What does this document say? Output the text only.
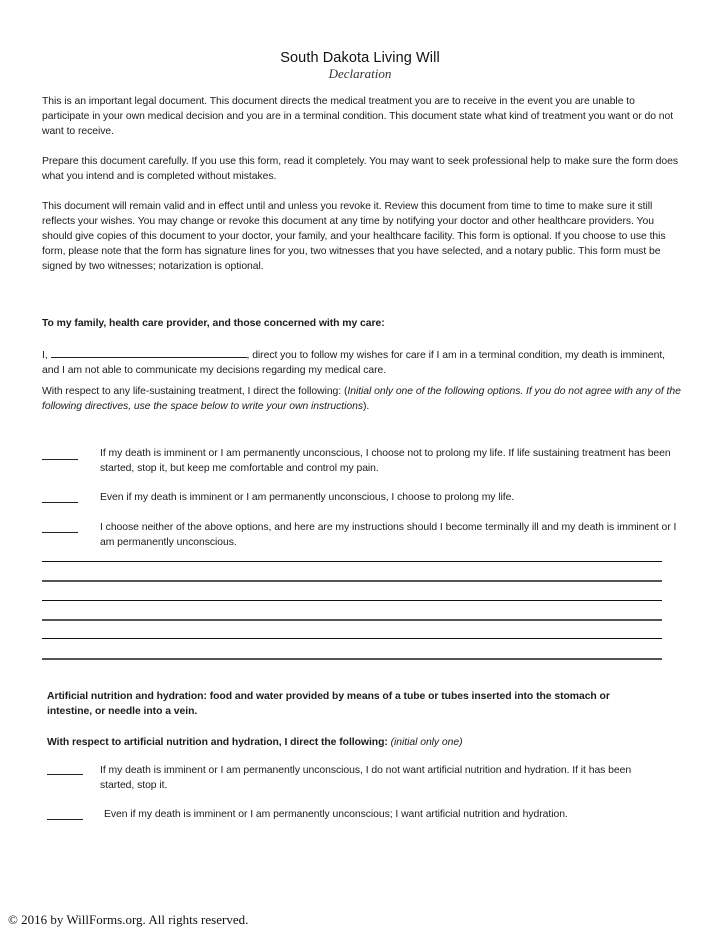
South Dakota Living Will
Declaration
This is an important legal document. This document directs the medical treatment you are to receive in the event you are unable to participate in your own medical decision and you are in a terminal condition. This document state what kind of treatment you want or do not want to receive.
Prepare this document carefully. If you use this form, read it completely. You may want to seek professional help to make sure the form does what you intend and is completed without mistakes.
This document will remain valid and in effect until and unless you revoke it. Review this document from time to time to make sure it still reflects your wishes. You may change or revoke this document at any time by notifying your doctor and other healthcare providers. You should give copies of this document to your doctor, your family, and your healthcare facility. This form is optional. If you choose to use this form, please note that the form has signature lines for you, two witnesses that you have selected, and a notary public. This form must be signed by two witnesses; notarization is optional.
To my family, health care provider, and those concerned with my care:
I,	, direct you to follow my wishes for care if I am in a terminal condition, my death is imminent, and I am not able to communicate my decisions regarding my medical care.
With respect to any life-sustaining treatment, I direct the following: (Initial only one of the following options. If you do not agree with any of the following directives, use the space below to write your own instructions).
If my death is imminent or I am permanently unconscious, I choose not to prolong my life. If life sustaining treatment has been started, stop it, but keep me comfortable and control my pain.
Even if my death is imminent or I am permanently unconscious, I choose to prolong my life.
I choose neither of the above options, and here are my instructions should I become terminally ill and my death is imminent or I am permanently unconscious.
Artificial nutrition and hydration: food and water provided by means of a tube or tubes inserted into the stomach or intestine, or needle into a vein.
With respect to artificial nutrition and hydration, I direct the following: (initial only one)
If my death is imminent or I am permanently unconscious, I do not want artificial nutrition and hydration. If it has been started, stop it.
Even if my death is imminent or I am permanently unconscious; I want artificial nutrition and hydration.
© 2016 by WillForms.org. All rights reserved.
